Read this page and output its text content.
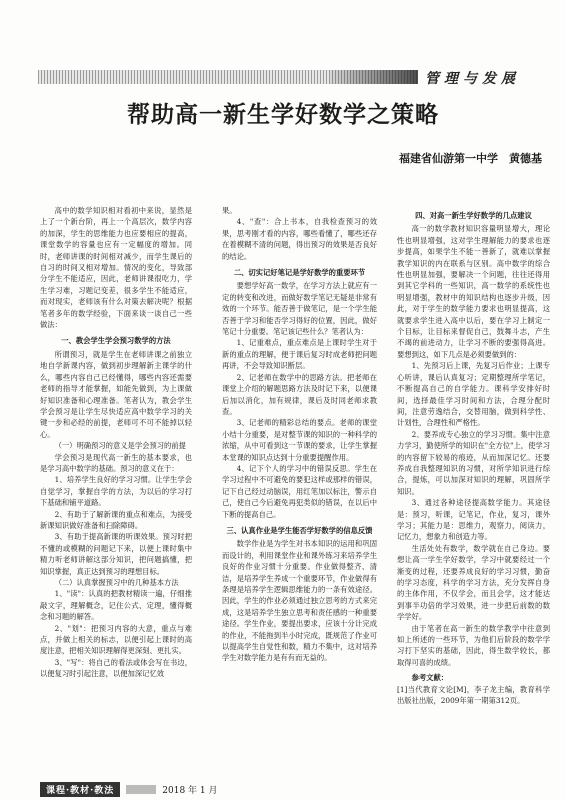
管理与发展
帮助高一新生学好数学之策略
福建省仙游第一中学　黄德基

高中的数学知识相对看初中来说，显然是上了一个新台阶，再上一个高层次，数学内容的加深，学生的思维能力也应要相应的提高，课堂数学的容量也应有一定幅度的增加。同时，老师讲课的时间相对减少，而学生课后的自习的时间又相对增加。情况的变化，导致部分学生不能适应，因此，老师讲课很吃力，学生学习难，习题记变差，很多学生不能适应，而对现实，老师该有什么对策去解决呢？根据笔者多年的数学经验，下面来谈一谈自己一些做法：

一、教会学生学会预习数学的方法

所谓预习，就是学生在老师讲课之前独立地自学新课内容，做到初步理解新主课学的什么，哪些内容自己已经懂得，哪些内容还需要老师的指导才能掌握，如能先做到，为上课做好知识准备和心理准备。笔者认为，教会学生学会预习是让学生尽快适应高中数学学习的关键一步和必经的前提，老师可不可不能掉以轻心。

（一）明确预习的意义是学会预习的前提

学会预习是现代高一新生的基本要求，也是学习高中数学的基础。预习的意义在于：

1、培养学生良好的学习习惯。让学生学会自觉学习，掌握自学的方法，为以后的学习打下基础和铺平道路。

2、有助于了解新课的重点和难点，为接受新课知识做好准备和扫除障碍。

3、有助于提高新课的听课效果。预习时把不懂的或模糊的问题记下来，以便上课时集中精力听老师讲解这部分知识，把问题搞懂，把知识掌握，真正达到预习的理想目标。

（二）认真掌握预习中的几种基本方法

1、"读"：认真的把教材精读一遍，仔细推敲文字，理解概念，记住公式、定理，懂得概念和习题的解答。

2、"划"：把预习内容的大意，重点与难点，并做上相关的标志，以便引起上课时的高度注意，把相关知识理解得更深刻、更扎实。

3、"写"：将自己的看法或体会写在书边，以便复习时引起注意，以便加深记忆效

果。

4、"查"：合上书本，自我检查预习的效果，思考刚才看的内容，哪些看懂了，哪些还存在着模糊不清的问题，得出预习的效果是否良好的结论。

二、切实记好笔记是学好数学的重要环节

要想学好高一数学，在学习方法上就应有一定的转变和改进，而做好数学笔记无疑是非常有效的一个环节。能否善于做笔记，是一个学生能否善于学习和能否学习得好的位置，因此，做好笔记十分重要。笔记该记些什么？笔者认为：

1、记重难点，重点难点是上课时学生对于新的重点的理解，便于课后复习时成老师把问题再讲，不会导致知识断层。

2、记老师在数学中的思路方法。把老师在课堂上介绍的解题思路方法及时记下来，以便课后加以消化，加有规律，课后及时同老师求教查。

3、记老师的精彩总结的要点。老师的课堂小结十分重要，是对整节课的知识的一种科学的浓缩，从中可看到这一节课的要求，让学生掌握本堂课的知识点达到十分重要提醒作用。

4、记下个人的学习中的错误反思。学生在学习过程中不可避免的要犯这样或那样的错误，记下自己经过动脑误，用红笔加以标注，警示自己，使自己今后避免再犯类似的错误，在以后中下断的提高自己。

三、认真作业是学生能否学好数学的信息反馈

数学作业是为学生对书本知识的运用和巩固而设计的，利用课堂作业和课外练习来培养学生良好的作业习惯十分重要。作业做得整齐、清洁，是培养学生养成一个重要环节，作业做得有条理是培养学生逻辑思维能力的一条有效途径。因此，学生的作业必须通过独立思考的方式来完成，这是培养学生独立思考和责任感的一种重要途径。学生作业，要提出要求，应该十分计完成的作业，不能拖到半小时完成，既规范了作业可以提高学生自觉性和数，精力不集中，这对培养学生对数学能力是有有而无益的。

四、对高一新生学好数学的几点建议

高一的数学教材知识容量明显增大，理论性也明显增强，这对学生理解能力的要求也逐步提高，如果学生不能一善新了，就难以掌握教学知识的内在联系与区别。高中数学的综合性也明显加强，要解决一个问题，往往还得用到其它学科的一些知识，高一数学的系统性也明显增强，教材中的知识结构也逐步升级，因此，对于学生的数学能力要求也明显提高，这就要求学生进入高中以后，要在学习上制定一个目标，让目标来督促自己，鼓舞斗志，产生不竭的前进动力，让学习不断的要强得高进。要想到这，如下几点是必须要做到的：

1、先预习后上课，先复习后作业；上课专心听讲，课后认真复习；定期整理所学笔记，不断提高自己的自学能力。课科学安排好时间，选择最佳学习时间和方法，合理分配时间，注意劳逸结合，交替用脑，做到科学性、计划性，合理性和严格性。

2、要养成专心独立的学习习惯。集中注意力学习，勤使所学的知识在"全方位"上，使学习的内容留下较易的痕迹，从而加深记忆。还要养成自我整理知识的习惯，对所学知识进行综合，提炼，可以加深对知识的理解，巩固所学知识。

3、通过各种途径提高数学能力。其途径是：预习，听课，记笔记，作业，复习，课外学习；其能力是：思维力，观察力，阅读力，记忆力，想象力和创造力等。

生活处处有数学，数学就在自己身边。要想让高一学生学好数学，学习中就要经过一个渐变的过程，还要养成良好的学习习惯，勤奋的学习态度，科学的学习方法，充分发挥自身的主体作用，不仅学会，而且会学，这才能达到事半功倍的学习效果，进一步把后前数的数学学好。

由于笔者在高一新生的数学教学中往意到如上所述的一些环节，为他们后阶段的数学学习打下坚实的基础，因此，得生数学较长，都取得可喜的成绩。

参考文献：

[1]当代教育文论[M]，李子龙主编，教育科学出版社出版，2009年第一期第312页。

课程·教材·教法	2018 年 1 月
